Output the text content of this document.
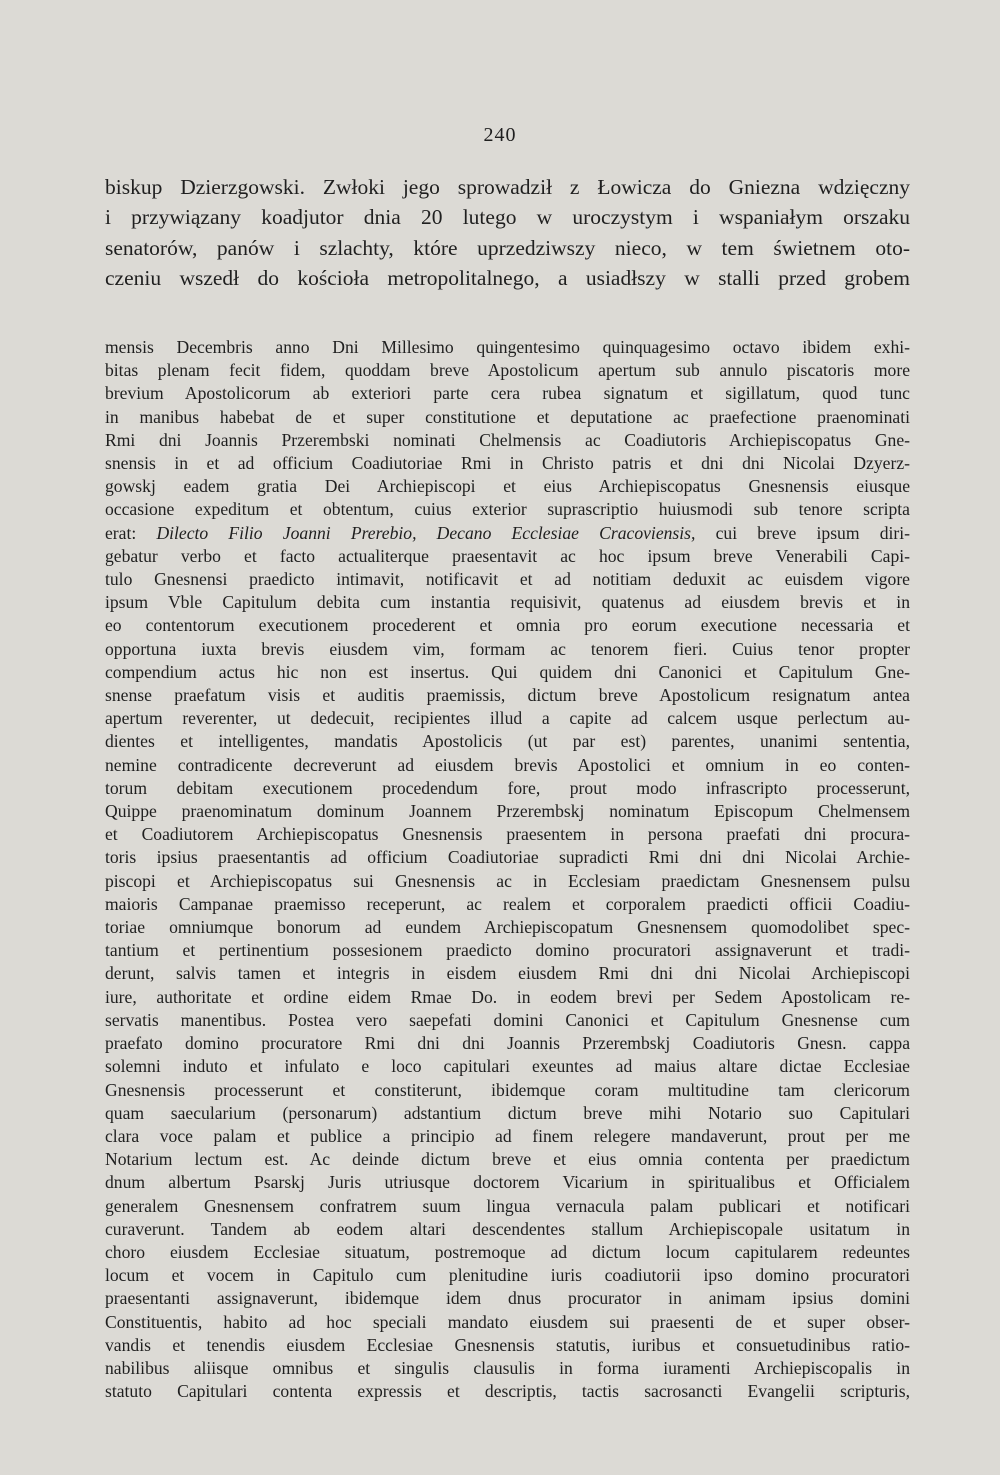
240
biskup Dzierzgowski. Zwłoki jego sprowadził z Łowicza do Gniezna wdzięczny
i przywiązany koadjutor dnia 20 lutego w uroczystym i wspaniałym orszaku
senatorów, panów i szlachty, które uprzedziwszy nieco, w tem świetnem oto-
czeniu wszedł do kościoła metropolitalnego, a usiadłszy w stalli przed grobem
mensis Decembris anno Dni Millesimo quingentesimo quinquagesimo octavo ibidem exhi-
bitas plenam fecit fidem, quoddam breve Apostolicum apertum sub annulo piscatoris more
brevium Apostolicorum ab exteriori parte cera rubea signatum et sigillatum, quod tunc
in manibus habebat de et super constitutione et deputatione ac praefectione praenominati
Rmi dni Joannis Przerembski nominati Chelmensis ac Coadiutoris Archiepiscopatus Gne-
snensis in et ad officium Coadiutoriae Rmi in Christo patris et dni dni Nicolai Dzyerz-
gowskj eadem gratia Dei Archiepiscopi et eius Archiepiscopatus Gnesnensis eiusque
occasione expeditum et obtentum, cuius exterior suprascriptio huiusmodi sub tenore scripta
erat: Dilecto Filio Joanni Prerebio, Decano Ecclesiae Cracoviensis, cui breve ipsum diri-
gebatur verbo et facto actualiterque praesentavit ac hoc ipsum breve Venerabili Capi-
tulo Gnesnensi praedicto intimavit, notificavit et ad notitiam deduxit ac euisdem vigore
ipsum Vble Capitulum debita cum instantia requisivit, quatenus ad eiusdem brevis et in
eo contentorum executionem procederent et omnia pro eorum executione necessaria et
opportuna iuxta brevis eiusdem vim, formam ac tenorem fieri. Cuius tenor propter
compendium actus hic non est insertus. Qui quidem dni Canonici et Capitulum Gne-
snense praefatum visis et auditis praemissis, dictum breve Apostolicum resignatum antea
apertum reverenter, ut dedecuit, recipientes illud a capite ad calcem usque perlectum au-
dientes et intelligentes, mandatis Apostolicis (ut par est) parentes, unanimi sententia,
nemine contradicente decreverunt ad eiusdem brevis Apostolici et omnium in eo conten-
torum debitam executionem procedendum fore, prout modo infrascripto processerunt,
Quippe praenominatum dominum Joannem Przerembskj nominatum Episcopum Chelmensem
et Coadiutorem Archiepiscopatus Gnesnensis praesentem in persona praefati dni procura-
toris ipsius praesentantis ad officium Coadiutoriae supradicti Rmi dni dni Nicolai Archie-
piscopi et Archiepiscopatus sui Gnesnensis ac in Ecclesiam praedictam Gnesnensem pulsu
maioris Campanae praemisso receperunt, ac realem et corporalem praedicti officii Coadiu-
toriae omniumque bonorum ad eundem Archiepiscopatum Gnesnensem quomodolibet spec-
tantium et pertinentium possesionem praedicto domino procuratori assignaverunt et tradi-
derunt, salvis tamen et integris in eisdem eiusdem Rmi dni dni Nicolai Archiepiscopi
iure, authoritate et ordine eidem Rmae Do. in eodem brevi per Sedem Apostolicam re-
servatis manentibus. Postea vero saepefati domini Canonici et Capitulum Gnesnense cum
praefato domino procuratore Rmi dni dni Joannis Przerembskj Coadiutoris Gnesn. cappa
solemni induto et infulato e loco capitulari exeuntes ad maius altare dictae Ecclesiae
Gnesnensis processerunt et constiterunt, ibidemque coram multitudine tam clericorum
quam saecularium (personarum) adstantium dictum breve mihi Notario suo Capitulari
clara voce palam et publice a principio ad finem relegere mandaverunt, prout per me
Notarium lectum est. Ac deinde dictum breve et eius omnia contenta per praedictum
dnum albertum Psarskj Juris utriusque doctorem Vicarium in spiritualibus et Officialem
generalem Gnesnensem confratrem suum lingua vernacula palam publicari et notificari
curaverunt. Tandem ab eodem altari descendentes stallum Archiepiscopale usitatum in
choro eiusdem Ecclesiae situatum, postremoque ad dictum locum capitularem redeuntes
locum et vocem in Capitulo cum plenitudine iuris coadiutorii ipso domino procuratori
praesentanti assignaverunt, ibidemque idem dnus procurator in animam ipsius domini
Constituentis, habito ad hoc speciali mandato eiusdem sui praesenti de et super obser-
vandis et tenendis eiusdem Ecclesiae Gnesnensis statutis, iuribus et consuetudinibus ratio-
nabilibus aliisque omnibus et singulis clausulis in forma iuramenti Archiepiscopalis in
statuto Capitulari contenta expressis et descriptis, tactis sacrosancti Evangelii scripturis,
